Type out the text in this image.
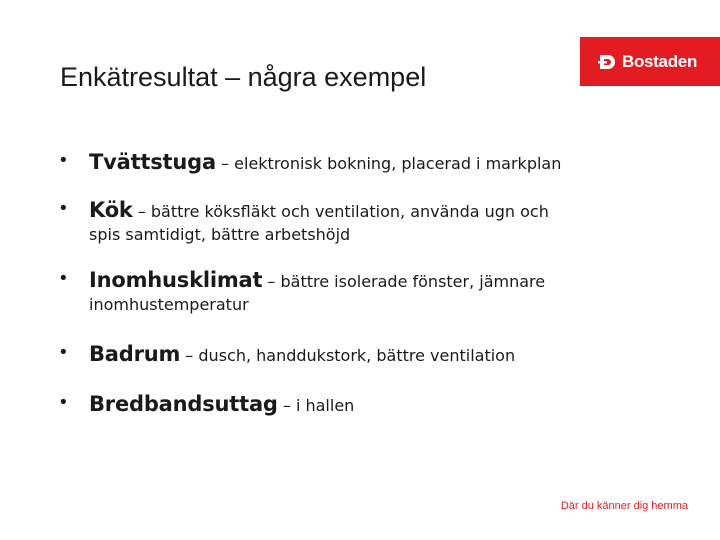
Bostaden
Enkätresultat – några exempel
• Tvättstuga – elektronisk bokning, placerad i markplan
• Kök – bättre köksfläkt och ventilation, använda ugn och
spis samtidigt, bättre arbetshöjd
• Inomhusklimat – bättre isolerade fönster, jämnare
inomhustemperatur
• Badrum – dusch, handdukstork, bättre ventilation
• Bredbandsuttag – i hallen
Där du känner dig hemma
